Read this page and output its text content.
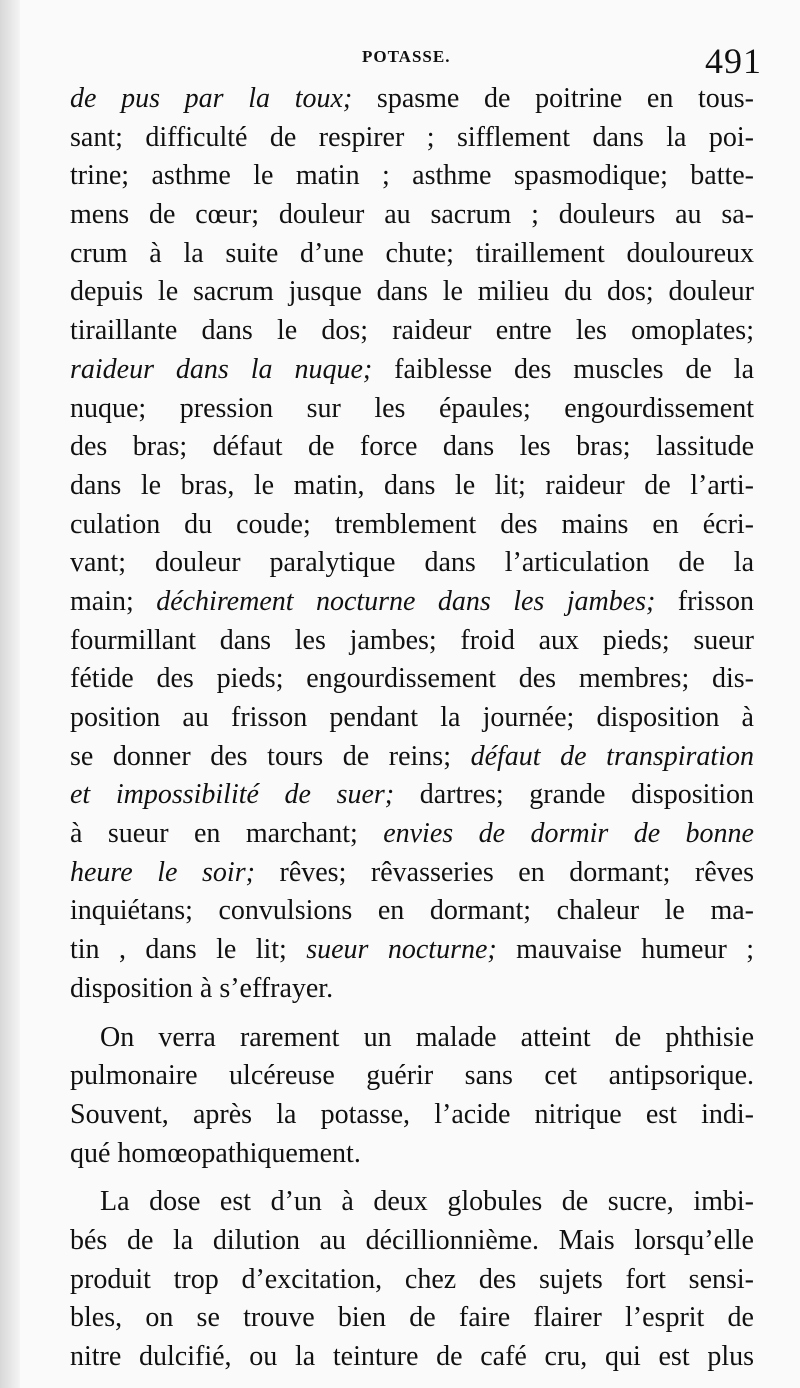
POTASSE.	491
de pus par la toux; spasme de poitrine en tous-
sant; difficulté de respirer ; sifflement dans la poi-
trine; asthme le matin ; asthme spasmodique; batte-
mens de cœur; douleur au sacrum ; douleurs au sa-
crum à la suite d’une chute; tiraillement douloureux
depuis le sacrum jusque dans le milieu du dos; douleur
tiraillante dans le dos; raideur entre les omoplates;
raideur dans la nuque; faiblesse des muscles de la
nuque; pression sur les épaules; engourdissement
des bras; défaut de force dans les bras; lassitude
dans le bras, le matin, dans le lit; raideur de l’arti-
culation du coude; tremblement des mains en écri-
vant; douleur paralytique dans l’articulation de la
main; déchirement nocturne dans les jambes; frisson
fourmillant dans les jambes; froid aux pieds; sueur
fétide des pieds; engourdissement des membres; dis-
position au frisson pendant la journée; disposition à
se donner des tours de reins; défaut de transpiration
et impossibilité de suer; dartres; grande disposition
à sueur en marchant; envies de dormir de bonne
heure le soir; rêves; rêvasseries en dormant; rêves
inquiétans; convulsions en dormant; chaleur le ma-
tin , dans le lit; sueur nocturne; mauvaise humeur ;
disposition à s’effrayer.
On verra rarement un malade atteint de phthisie
pulmonaire ulcéreuse guérir sans cet antipsorique.
Souvent, après la potasse, l’acide nitrique est indi-
qué homœopathiquement.
La dose est d’un à deux globules de sucre, imbi-
bés de la dilution au décillionnième. Mais lorsqu’elle
produit trop d’excitation, chez des sujets fort sensi-
bles, on se trouve bien de faire flairer l’esprit de
nitre dulcifié, ou la teinture de café cru, qui est plus
